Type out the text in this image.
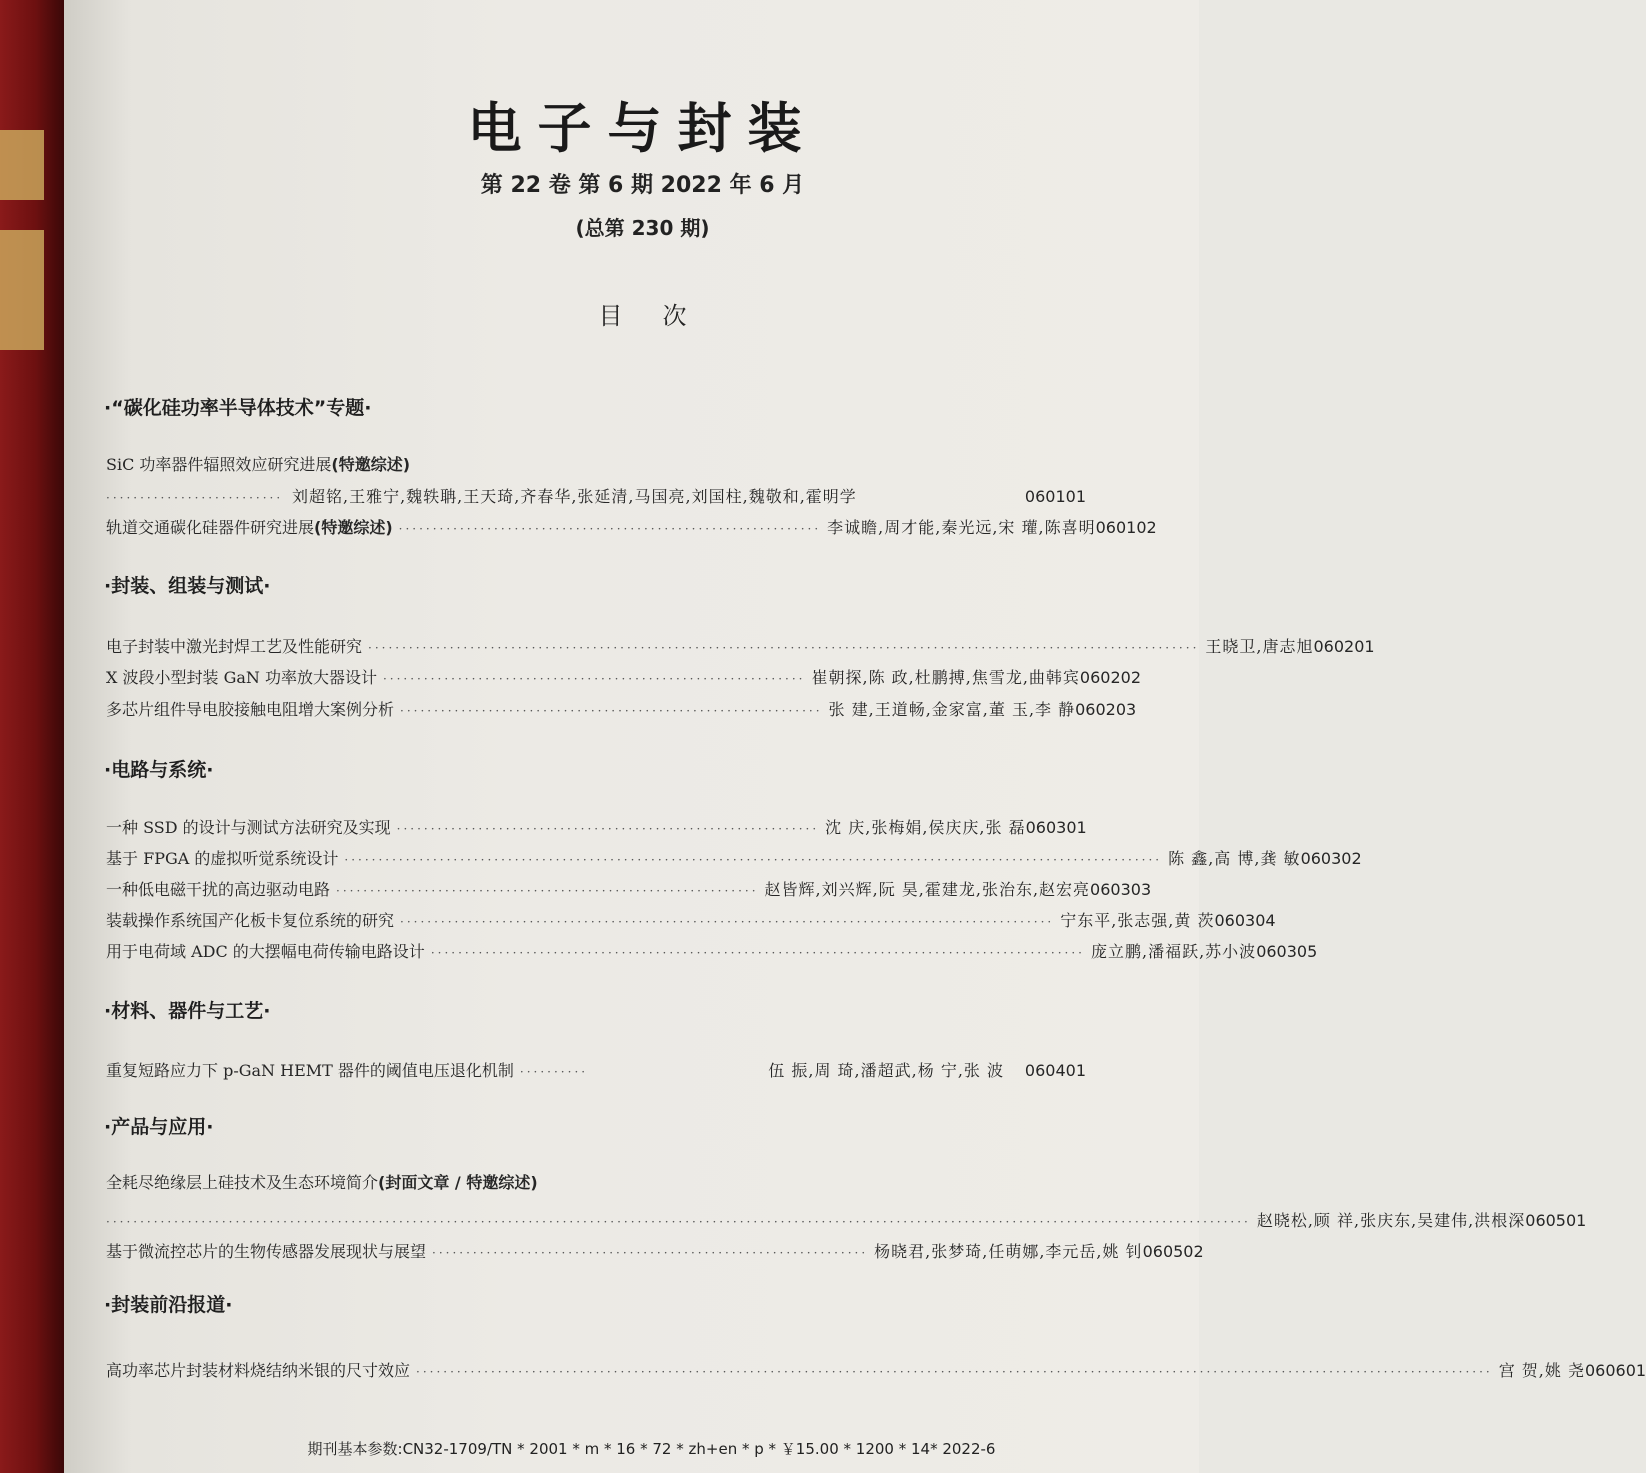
电子与封装
第 22 卷 第 6 期 2022 年 6 月
(总第 230 期)
目次
·“碳化硅功率半导体技术”专题·
SiC 功率器件辐照效应研究进展 (特邀综述)
·························· 刘超铭,王雅宁,魏轶聃,王天琦,齐春华,张延清,马国亮,刘国柱,魏敬和,霍明学	060101
轨道交通碳化硅器件研究进展 (特邀综述) ······························································ 李诚瞻,周才能,秦光远,宋 瓘,陈喜明 060102
·封装、组装与测试·
电子封装中激光封焊工艺及性能研究 ·························································································································· 王晓卫,唐志旭 060201
X 波段小型封装 GaN 功率放大器设计 ······························································ 崔朝探,陈 政,杜鹏搏,焦雪龙,曲韩宾 060202
多芯片组件导电胶接触电阻增大案例分析 ······························································ 张 建,王道畅,金家富,董 玉,李 静 060203
·电路与系统·
一种 SSD 的设计与测试方法研究及实现 ······························································ 沈 庆,张梅娟,侯庆庆,张 磊 060301
基于 FPGA 的虚拟听觉系统设计 ························································································································ 陈 鑫,高 博,龚 敏 060302
一种低电磁干扰的高边驱动电路 ······························································ 赵皆辉,刘兴辉,阮 昊,霍建龙,张治东,赵宏亮 060303
装载操作系统国产化板卡复位系统的研究 ································································································ 宁东平,张志强,黄 茨 060304
用于电荷域 ADC 的大摆幅电荷传输电路设计 ································································································ 庞立鹏,潘福跃,苏小波 060305
·材料、器件与工艺·
重复短路应力下 p-GaN HEMT 器件的阈值电压退化机制 ··········	伍 振,周 琦,潘超武,杨 宁,张 波	060401
·产品与应用·
全耗尽绝缘层上硅技术及生态环境简介 (封面文章 / 特邀综述)
········································································································································································ 赵晓松,顾 祥,张庆东,吴建伟,洪根深 060501
基于微流控芯片的生物传感器发展现状与展望 ································································ 杨晓君,张梦琦,任萌娜,李元岳,姚 钊 060502
·封装前沿报道·
高功率芯片封装材料烧结纳米银的尺寸效应 ······························································································································································ 宫 贺,姚 尧 060601
期刊基本参数:CN32-1709/TN * 2001 * m * 16 * 72 * zh+en * p * ￥15.00 * 1200 * 14* 2022-6
